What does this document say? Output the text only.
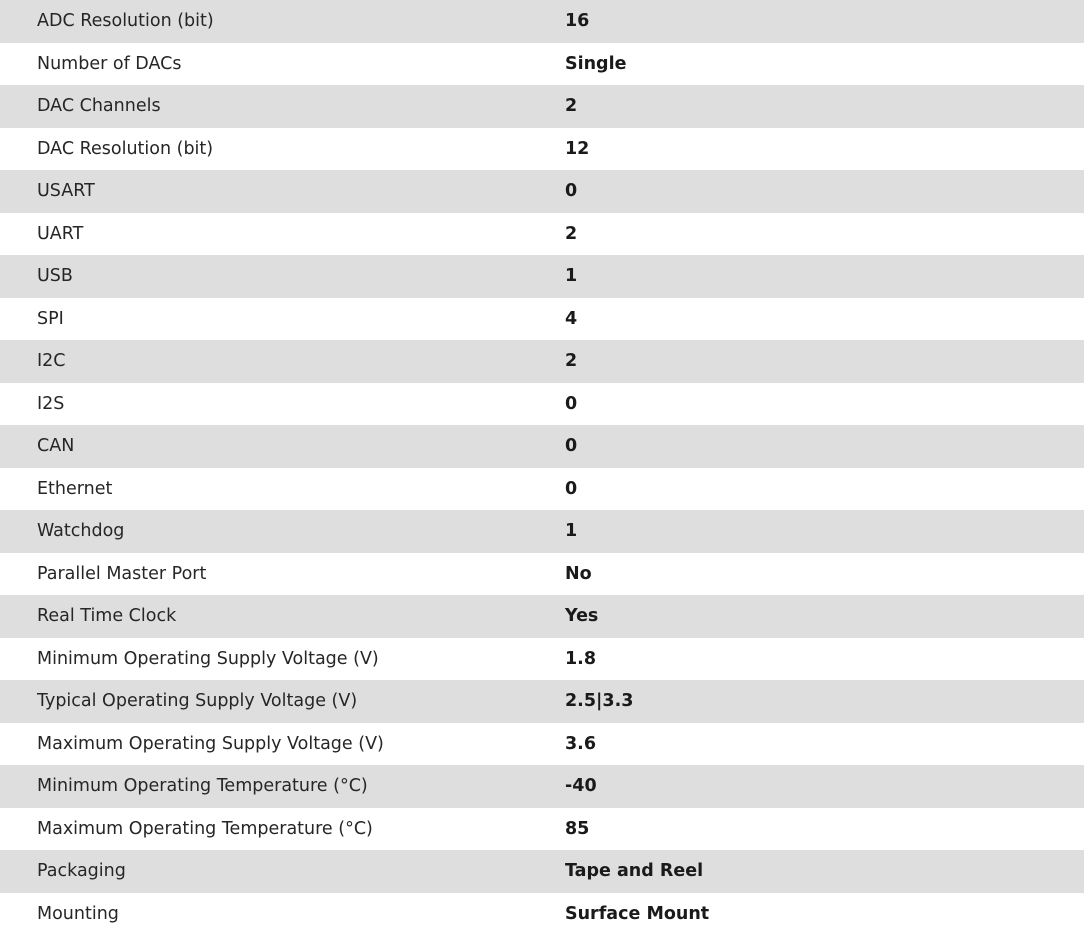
ADC Resolution (bit)	16
Number of DACs	Single
DAC Channels	2
DAC Resolution (bit)	12
USART	0
UART	2
USB	1
SPI	4
I2C	2
I2S	0
CAN	0
Ethernet	0
Watchdog	1
Parallel Master Port	No
Real Time Clock	Yes
Minimum Operating Supply Voltage (V)	1.8
Typical Operating Supply Voltage (V)	2.5|3.3
Maximum Operating Supply Voltage (V)	3.6
Minimum Operating Temperature (°C)	-40
Maximum Operating Temperature (°C)	85
Packaging	Tape and Reel
Mounting	Surface Mount
